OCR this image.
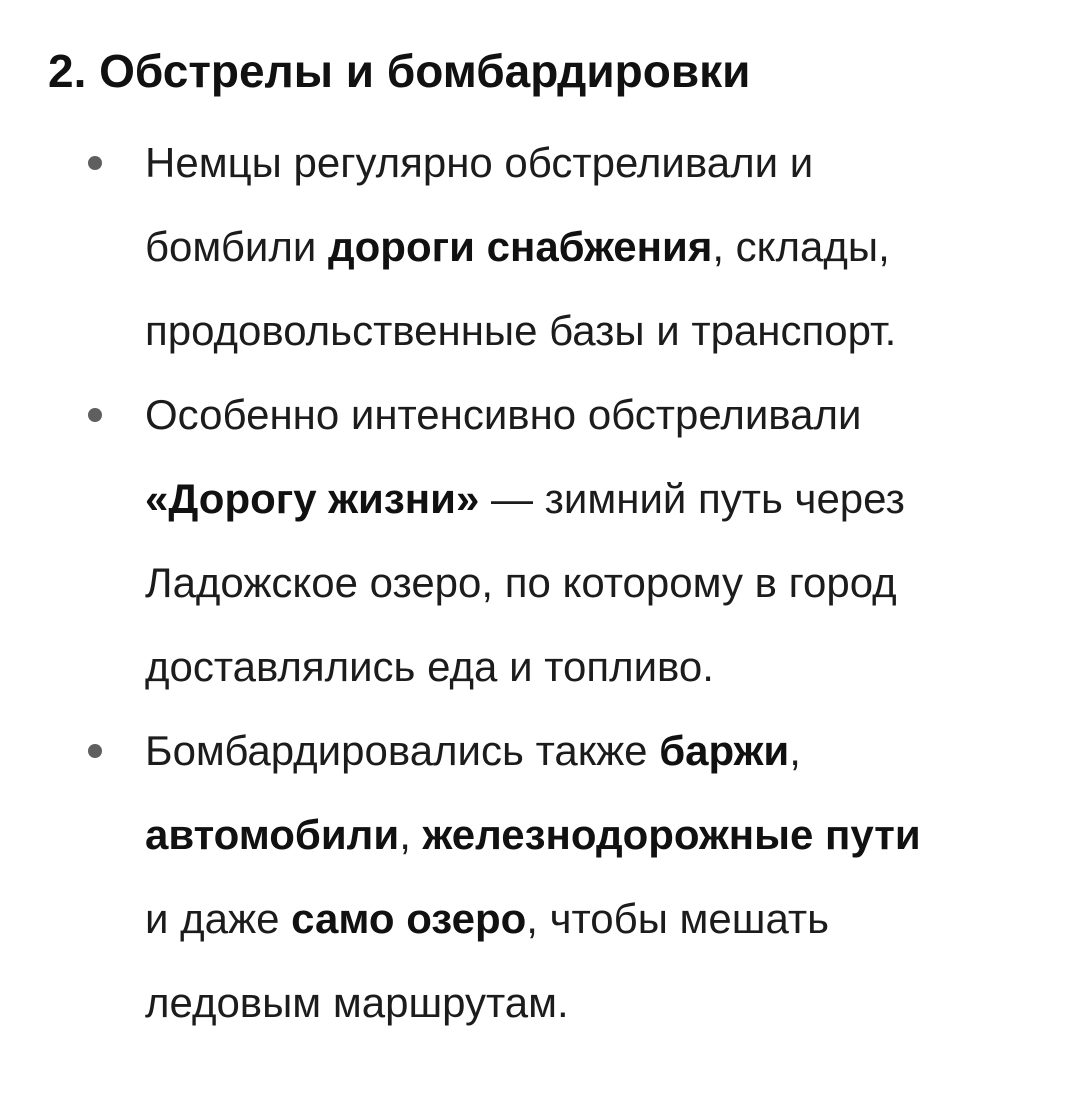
2. Обстрелы и бомбардировки
Немцы регулярно обстреливали и
бомбили дороги снабжения, склады,
продовольственные базы и транспорт.
Особенно интенсивно обстреливали
«Дорогу жизни» — зимний путь через
Ладожское озеро, по которому в город
доставлялись еда и топливо.
Бомбардировались также баржи,
автомобили, железнодорожные пути
и даже само озеро, чтобы мешать
ледовым маршрутам.
